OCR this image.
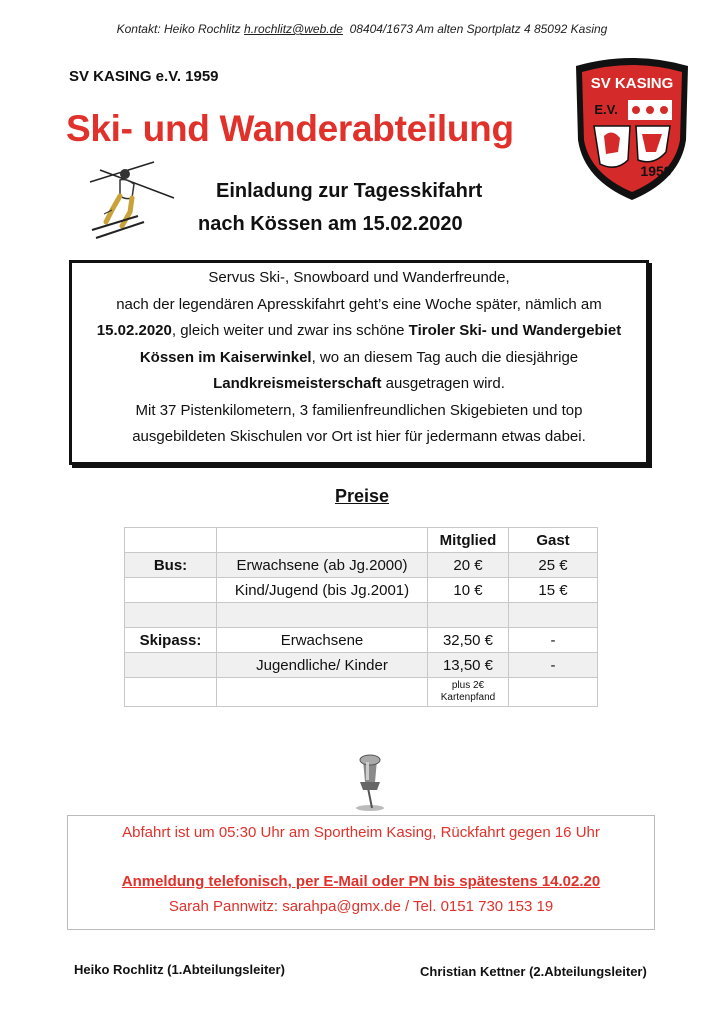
Kontakt: Heiko Rochlitz h.rochlitz@web.de 08404/1673 Am alten Sportplatz 4 85092 Kasing
SV KASING e.V. 1959
Ski- und Wanderabteilung
Einladung zur Tagesskifahrt
nach Kössen am 15.02.2020
SV KASING
E.V.
1959

Servus Ski-, Snowboard und Wanderfreunde,

nach der legendären Apresskifahrt geht’s eine Woche später, nämlich am

15.02.2020, gleich weiter und zwar ins schöne Tiroler Ski- und Wandergebiet

Kössen im Kaiserwinkel, wo an diesem Tag auch die diesjährige

Landkreismeisterschaft ausgetragen wird.

Mit 37 Pistenkilometern, 3 familienfreundlichen Skigebieten und top

ausgebildeten Skischulen vor Ort ist hier für jedermann etwas dabei.

Preise
		Mitglied	Gast
Bus:	Erwachsene (ab Jg.2000)	20 €	25 €
	Kind/Jugend (bis Jg.2001)	10 €	15 €

Skipass:	Erwachsene	32,50 €	-
	Jugendliche/ Kinder	13,50 €	-
		plus 2€ Kartenpfand	
Abfahrt ist um 05:30 Uhr am Sportheim Kasing, Rückfahrt gegen 16 Uhr
Anmeldung telefonisch, per E-Mail oder PN bis spätestens 14.02.20
Sarah Pannwitz: sarahpa@gmx.de / Tel. 0151 730 153 19
Heiko Rochlitz (1.Abteilungsleiter)	Christian Kettner (2.Abteilungsleiter)
